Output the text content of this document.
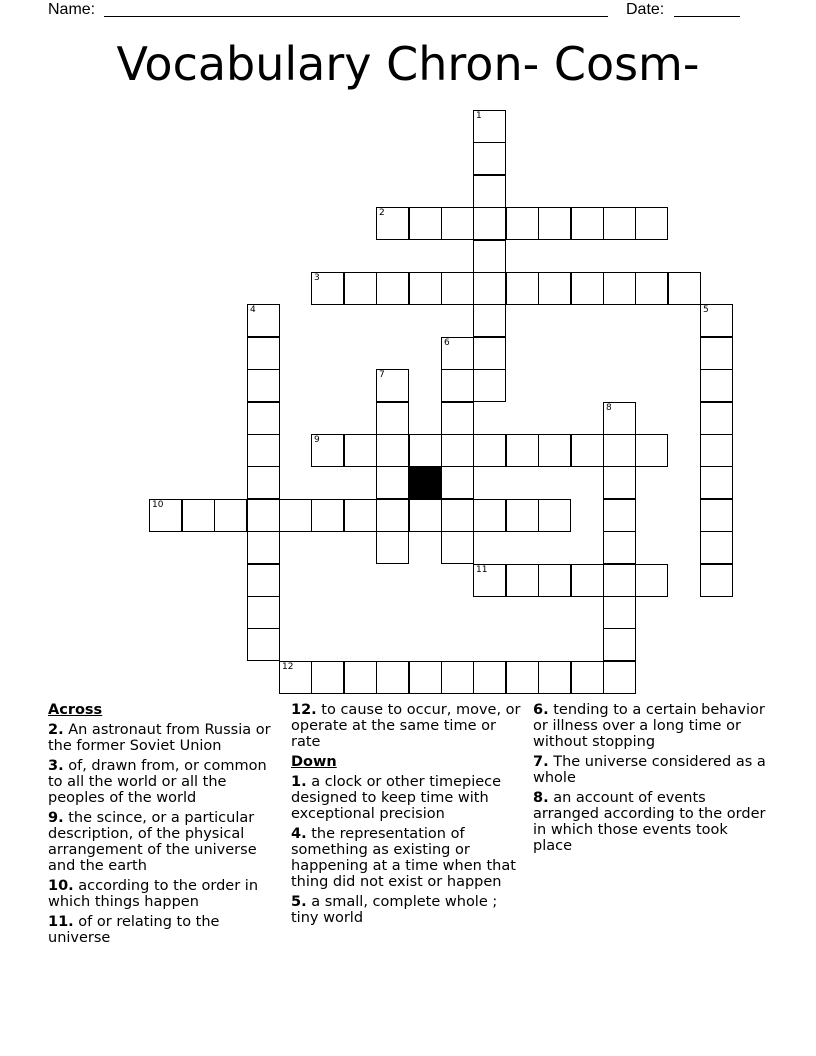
Name:	Date:
Vocabulary Chron- Cosm-
1
2
3
4	5
6
7
8
9
10
11
12
Across
2. An astronaut from Russia or the former Soviet Union
3. of, drawn from, or common to all the world or all the peoples of the world
9. the scince, or a particular description, of the physical arrangement of the universe and the earth
10. according to the order in which things happen
11. of or relating to the universe
12. to cause to occur, move, or operate at the same time or rate
Down
1. a clock or other timepiece designed to keep time with exceptional precision
4. the representation of something as existing or happening at a time when that thing did not exist or happen
5. a small, complete whole ; tiny world
6. tending to a certain behavior or illness over a long time or without stopping
7. The universe considered as a whole
8. an account of events arranged according to the order in which those events took place
